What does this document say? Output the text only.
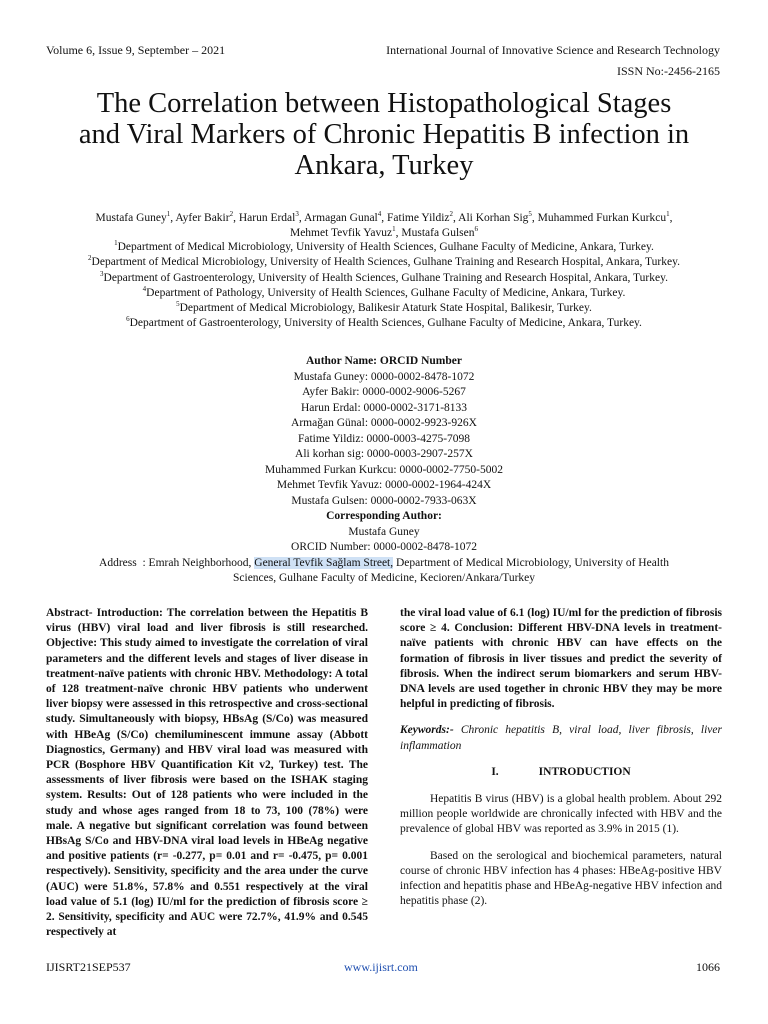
Volume 6, Issue 9, September – 2021	International Journal of Innovative Science and Research Technology
ISSN No:-2456-2165
The Correlation between Histopathological Stages
and Viral Markers of Chronic Hepatitis B infection in
Ankara, Turkey
Mustafa Guney$^1$, Ayfer Bakir$^2$, Harun Erdal$^3$, Armagan Gunal$^4$, Fatime Yildiz$^2$, Ali Korhan Sig$^5$, Muhammed Furkan Kurkcu$^1$,
Mehmet Tevfik Yavuz$^1$, Mustafa Gulsen$^6$
$^1$Department of Medical Microbiology, University of Health Sciences, Gulhane Faculty of Medicine, Ankara, Turkey.
$^2$Department of Medical Microbiology, University of Health Sciences, Gulhane Training and Research Hospital, Ankara, Turkey.
$^3$Department of Gastroenterology, University of Health Sciences, Gulhane Training and Research Hospital, Ankara, Turkey.
$^4$Department of Pathology, University of Health Sciences, Gulhane Faculty of Medicine, Ankara, Turkey.
$^5$Department of Medical Microbiology, Balikesir Ataturk State Hospital, Balikesir, Turkey.
$^6$Department of Gastroenterology, University of Health Sciences, Gulhane Faculty of Medicine, Ankara, Turkey.
Author Name: ORCID Number
Mustafa Guney: 0000-0002-8478-1072
Ayfer Bakir: 0000-0002-9006-5267
Harun Erdal: 0000-0002-3171-8133
Armağan Günal: 0000-0002-9923-926X
Fatime Yildiz: 0000-0003-4275-7098
Ali korhan sig: 0000-0003-2907-257X
Muhammed Furkan Kurkcu: 0000-0002-7750-5002
Mehmet Tevfik Yavuz: 0000-0002-1964-424X
Mustafa Gulsen: 0000-0002-7933-063X
Corresponding Author:
Mustafa Guney
ORCID Number: 0000-0002-8478-1072
Address  : Emrah Neighborhood, General Tevfik Sağlam Street, Department of Medical Microbiology, University of Health
Sciences, Gulhane Faculty of Medicine, Kecioren/Ankara/Turkey

Abstract- Introduction: The correlation between the Hepatitis B virus (HBV) viral load and liver fibrosis is still researched. Objective: This study aimed to investigate the correlation of viral parameters and the different levels and stages of liver disease in treatment-naïve patients with chronic HBV. Methodology: A total of 128 treatment-naïve chronic HBV patients who underwent liver biopsy were assessed in this retrospective and cross-sectional study. Simultaneously with biopsy, HBsAg (S/Co) was measured with HBeAg (S/Co) chemiluminescent immune assay (Abbott Diagnostics, Germany) and HBV viral load was measured with PCR (Bosphore HBV Quantification Kit v2, Turkey) test. The assessments of liver fibrosis were based on the ISHAK staging system. Results: Out of 128 patients who were included in the study and whose ages ranged from 18 to 73, 100 (78%) were male. A negative but significant correlation was found between HBsAg S/Co and HBV-DNA viral load levels in HBeAg negative and positive patients (r= -0.277, p= 0.01 and r= -0.475, p= 0.001 respectively). Sensitivity, specificity and the area under the curve (AUC) were 51.8%, 57.8% and 0.551 respectively at the viral load value of 5.1 (log) IU/ml for the prediction of fibrosis score ≥ 2. Sensitivity, specificity and AUC were 72.7%, 41.9% and 0.545 respectively at

the viral load value of 6.1 (log) IU/ml for the prediction of fibrosis score ≥ 4. Conclusion: Different HBV-DNA levels in treatment-naïve patients with chronic HBV can have effects on the formation of fibrosis in liver tissues and predict the severity of fibrosis. When the indirect serum biomarkers and serum HBV-DNA levels are used together in chronic HBV they may be more helpful in predicting of fibrosis.

Keywords:- Chronic hepatitis B, viral load, liver fibrosis, liver inflammation

I.	INTRODUCTION

Hepatitis B virus (HBV) is a global health problem. About 292 million people worldwide are chronically infected with HBV and the prevalence of global HBV was reported as 3.9% in 2015 (1).

Based on the serological and biochemical parameters, natural course of chronic HBV infection has 4 phases: HBeAg-positive HBV infection and hepatitis phase and HBeAg-negative HBV infection and hepatitis phase (2).

IJISRT21SEP537	www.ijisrt.com	1066
